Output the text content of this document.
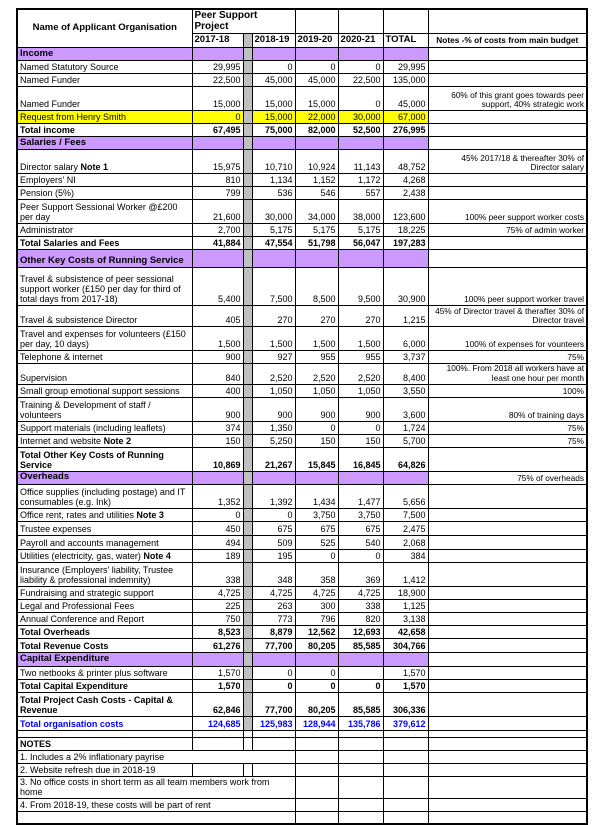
Name of Applicant Organisation	Peer Support Project						
	2017-18		2018-19	2019-20	2020-21	TOTAL	Notes -% of costs from main budget
Income							
Named Statutory Source	29,995		0	0	0	29,995	
Named Funder	22,500		45,000	45,000	22,500	135,000	
Named Funder	15,000		15,000	15,000	0	45,000	60% of this grant goes towards peer support, 40% strategic work
Request from Henry Smith	0		15,000	22,000	30,000	67,000	
Total income	67,495		75,000	82,000	52,500	276,995	
Salaries / Fees							
Director salary Note 1	15,975		10,710	10,924	11,143	48,752	45% 2017/18 & thereafter 30% of Director salary
Employers' NI	810		1,134	1,152	1,172	4,268	
Pension (5%)	799		536	546	557	2,438	
Peer Support Sessional Worker @£200 per day	21,600		30,000	34,000	38,000	123,600	100% peer support worker costs
Administrator	2,700		5,175	5,175	5,175	18,225	75% of admin worker
Total Salaries and Fees	41,884		47,554	51,798	56,047	197,283	
Other Key Costs of Running Service							
Travel & subsistence of peer sessional support worker (£150 per day for third of total days from 2017-18)	5,400		7,500	8,500	9,500	30,900	100% peer support worker travel
Travel & subsistence Director	405		270	270	270	1,215	45% of Director travel & therafter 30% of Director travel
Travel and expenses for volunteers (£150 per day, 10 days)	1,500		1,500	1,500	1,500	6,000	100% of expenses for vounteers
Telephone & internet	900		927	955	955	3,737	75%
Supervision	840		2,520	2,520	2,520	8,400	100%. From 2018 all workers have at least one hour per month
Small group emotional support sessions	400		1,050	1,050	1,050	3,550	100%
Training & Development of staff / volunteers	900		900	900	900	3,600	80% of training days
Support materials (including leaflets)	374		1,350	0	0	1,724	75%
Internet and website Note 2	150		5,250	150	150	5,700	75%
Total Other Key Costs of Running Service	10,869		21,267	15,845	16,845	64,826	
Overheads							75% of overheads
Office supplies (including postage) and IT consumables (e.g. Ink)	1,352		1,392	1,434	1,477	5,656	
Office rent, rates and utilities Note 3	0		0	3,750	3,750	7,500	
Trustee expenses	450		675	675	675	2,475	
Payroll and accounts management	494		509	525	540	2,068	
Utilities (electricity, gas, water) Note 4	189		195	0	0	384	
Insurance (Employers' liability, Trustee liability & professional indemnity)	338		348	358	369	1,412	
Fundraising and strategic support	4,725		4,725	4,725	4,725	18,900	
Legal and Professional Fees	225		263	300	338	1,125	
Annual Conference and Report	750		773	796	820	3,138	
Total Overheads	8,523		8,879	12,562	12,693	42,658	
Total Revenue Costs	61,276		77,700	80,205	85,585	304,766	
Capital Expenditure							
Two netbooks & printer plus software	1,570		0	0		1,570	
Total Capital Expenditure	1,570		0	0	0	1,570	
Total Project Cash Costs - Capital & Revenue	62,846		77,700	80,205	85,585	306,336	
Total organisation costs	124,685		125,983	128,944	135,786	379,612	

NOTES							
1. Includes a 2% inflationary payrise							
2. Website refresh due in 2018-19							
3. No office costs in short term as all team members work from home							
4. From 2018-19, these costs will be part of rent							
